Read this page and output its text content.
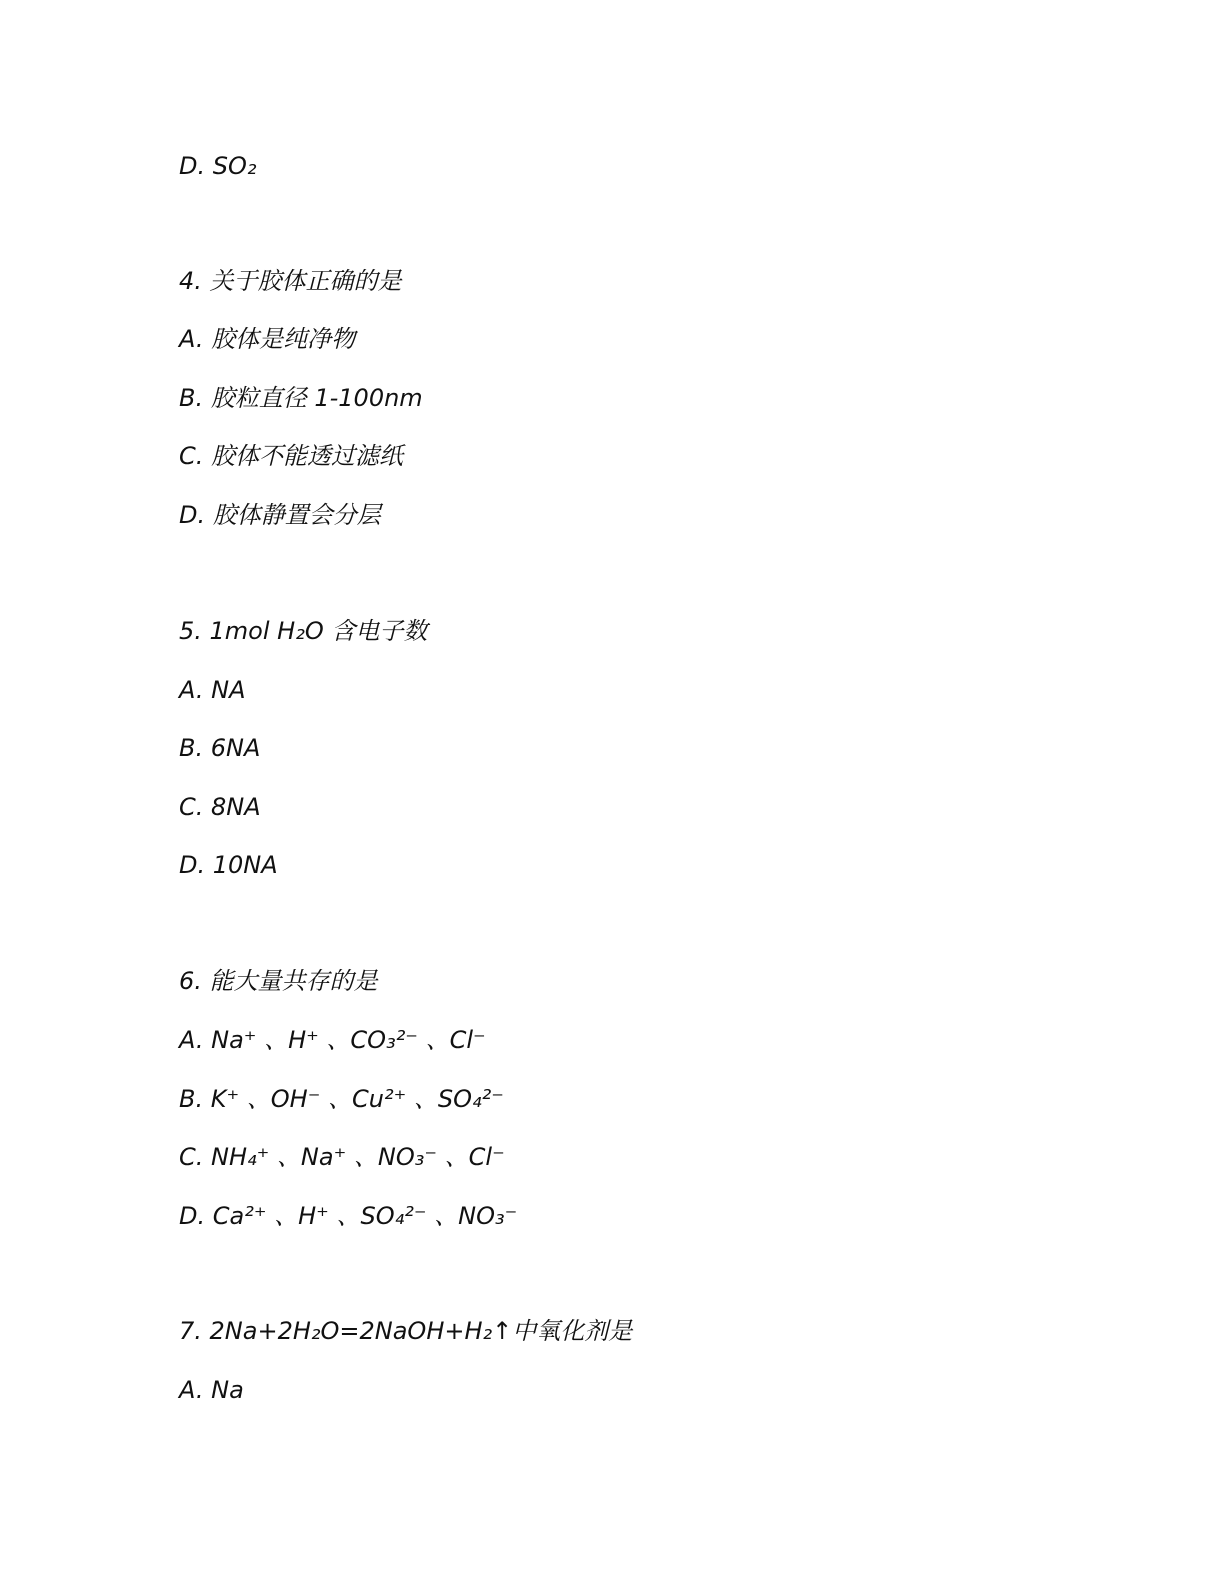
D. SO₂
4. 关于胶体正确的是
A. 胶体是纯净物
B. 胶粒直径 1-100nm
C. 胶体不能透过滤纸
D. 胶体静置会分层
5. 1mol H₂O 含电子数
A. NA
B. 6NA
C. 8NA
D. 10NA
6. 能大量共存的是
A. Na⁺ 、H⁺ 、CO₃²⁻ 、Cl⁻
B. K⁺ 、OH⁻ 、Cu²⁺ 、SO₄²⁻
C. NH₄⁺ 、Na⁺ 、NO₃⁻ 、Cl⁻
D. Ca²⁺ 、H⁺ 、SO₄²⁻ 、NO₃⁻
7. 2Na+2H₂O=2NaOH+H₂↑中氧化剂是
A. Na
